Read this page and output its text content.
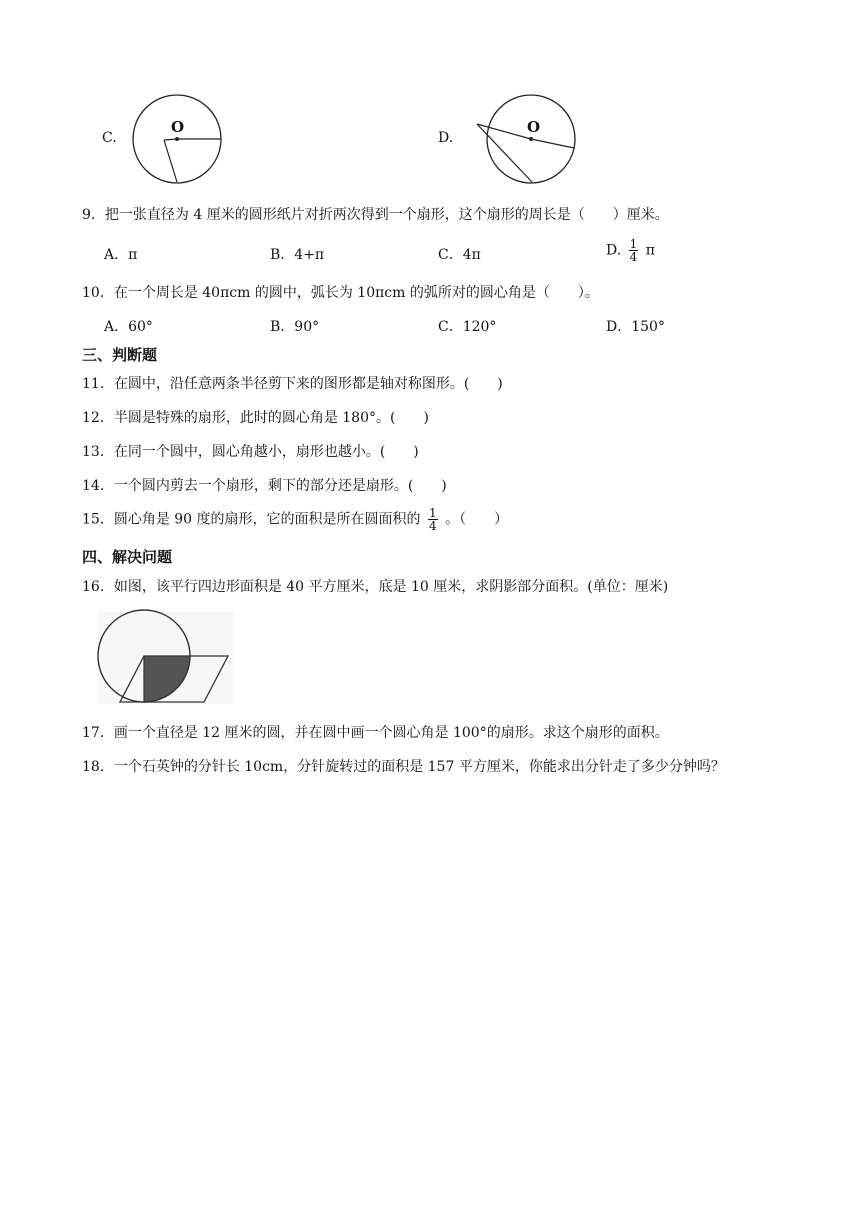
C.
O
D.
O
9．把一张直径为 4 厘米的圆形纸片对折两次得到一个扇形，这个扇形的周长是（　　）厘米。
A．π	B．4+π	C．4π	D. $\frac{1}{4}$ π
10．在一个周长是 40πcm 的圆中，弧长为 10πcm 的弧所对的圆心角是（　　）。
A．60°	B．90°	C．120°	D．150°
三、判断题
11．在圆中，沿任意两条半径剪下来的图形都是轴对称图形。(　　)
12．半圆是特殊的扇形，此时的圆心角是 180°。(　　)
13．在同一个圆中，圆心角越小，扇形也越小。(　　)
14．一个圆内剪去一个扇形，剩下的部分还是扇形。(　　)
15．圆心角是 90 度的扇形，它的面积是所在圆面积的 $\frac{1}{4}$ 。（　　）
四、解决问题
16．如图，该平行四边形面积是 40 平方厘米，底是 10 厘米，求阴影部分面积。(单位：厘米)
17．画一个直径是 12 厘米的圆，并在圆中画一个圆心角是 100°的扇形。求这个扇形的面积。
18．一个石英钟的分针长 10cm，分针旋转过的面积是 157 平方厘米，你能求出分针走了多少分钟吗？
